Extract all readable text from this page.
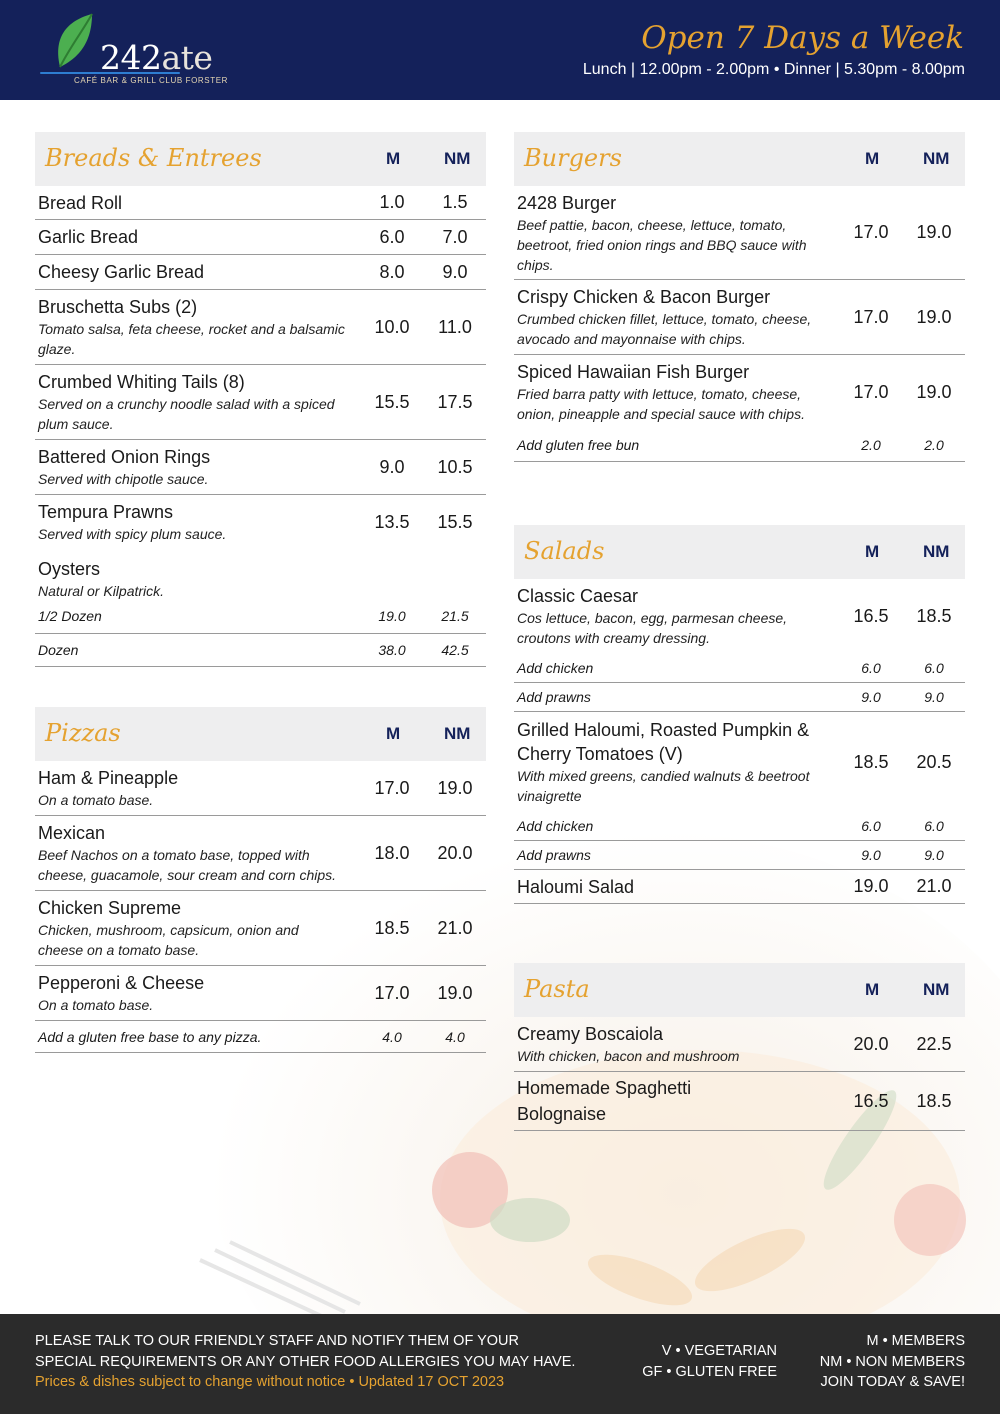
242ate
CAFÉ BAR & GRILL CLUB FORSTER
Open 7 Days a Week
Lunch | 12.00pm - 2.00pm • Dinner | 5.30pm - 8.00pm
Breads & Entrees	M	NM
Bread Roll	1.0	1.5
Garlic Bread	6.0	7.0
Cheesy Garlic Bread	8.0	9.0
Bruschetta Subs (2)
Tomato salsa, feta cheese, rocket and a balsamic glaze.
10.0	11.0
Crumbed Whiting Tails (8)
Served on a crunchy noodle salad with a spiced plum sauce.
15.5	17.5
Battered Onion Rings
Served with chipotle sauce.
9.0	10.5
Tempura Prawns
Served with spicy plum sauce.
13.5	15.5
Oysters
Natural or Kilpatrick.
1/2 Dozen	19.0	21.5
Dozen	38.0	42.5
Pizzas	M	NM
Ham & Pineapple
On a tomato base.
17.0	19.0
Mexican
Beef Nachos on a tomato base, topped with cheese, guacamole, sour cream and corn chips.
18.0	20.0
Chicken Supreme
Chicken, mushroom, capsicum, onion and cheese on a tomato base.
18.5	21.0
Pepperoni & Cheese
On a tomato base.
17.0	19.0
Add a gluten free base to any pizza.	4.0	4.0
Burgers	M	NM
2428 Burger
Beef pattie, bacon, cheese, lettuce, tomato, beetroot, fried onion rings and BBQ sauce with chips.
17.0	19.0
Crispy Chicken & Bacon Burger
Crumbed chicken fillet, lettuce, tomato, cheese, avocado and mayonnaise with chips.
17.0	19.0
Spiced Hawaiian Fish Burger
Fried barra patty with lettuce, tomato, cheese, onion, pineapple and special sauce with chips.
17.0	19.0
Add gluten free bun	2.0	2.0
Salads	M	NM
Classic Caesar
Cos lettuce, bacon, egg, parmesan cheese, croutons with creamy dressing.
16.5	18.5
Add chicken	6.0	6.0
Add prawns	9.0	9.0
Grilled Haloumi, Roasted Pumpkin & Cherry Tomatoes (V)
With mixed greens, candied walnuts & beetroot vinaigrette
18.5	20.5
Add chicken	6.0	6.0
Add prawns	9.0	9.0
Haloumi Salad	19.0	21.0
Pasta	M	NM
Creamy Boscaiola
With chicken, bacon and mushroom
20.0	22.5
Homemade Spaghetti Bolognaise
16.5	18.5
PLEASE TALK TO OUR FRIENDLY STAFF AND NOTIFY THEM OF YOUR
SPECIAL REQUIREMENTS OR ANY OTHER FOOD ALLERGIES YOU MAY HAVE.
Prices & dishes subject to change without notice • Updated 17 OCT 2023
V • VEGETARIAN
GF • GLUTEN FREE
M • MEMBERS
NM • NON MEMBERS
JOIN TODAY & SAVE!
